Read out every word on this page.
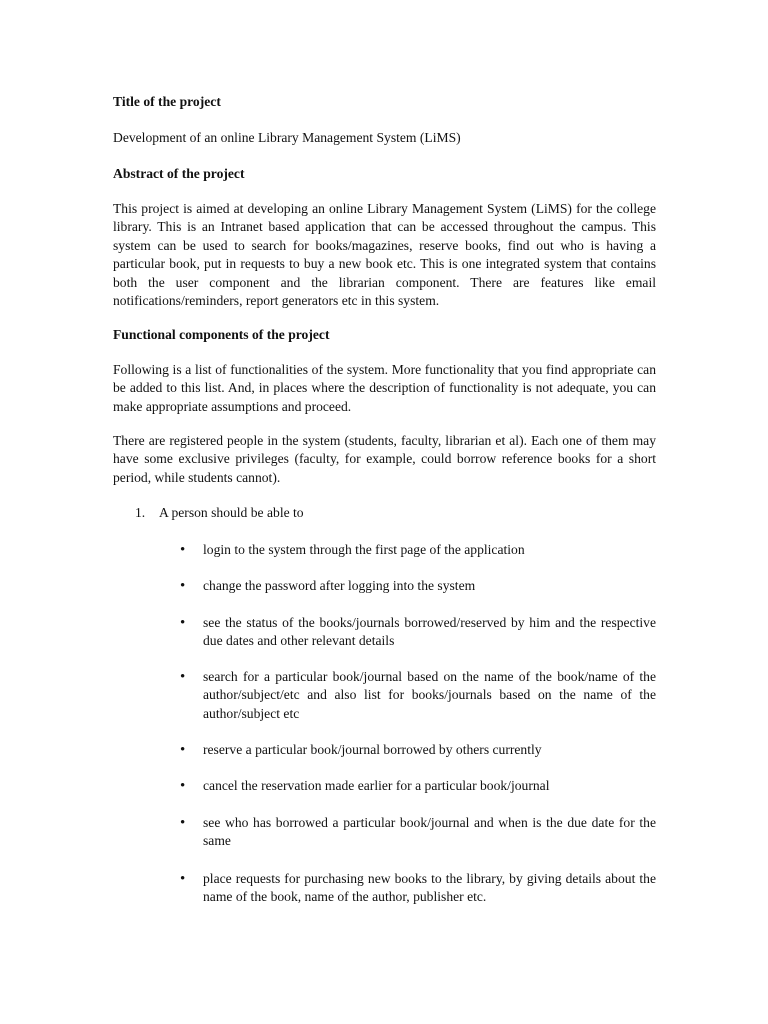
Title of the project

Development of an online Library Management System (LiMS)

Abstract of the project

This project is aimed at developing an online Library Management System (LiMS) for the college library. This is an Intranet based application that can be accessed throughout the campus. This system can be used to search for books/magazines, reserve books, find out who is having a particular book, put in requests to buy a new book etc. This is one integrated system that contains both the user component and the librarian component. There are features like email notifications/reminders, report generators etc in this system.

Functional components of the project

Following is a list of functionalities of the system. More functionality that you find appropriate can be added to this list. And, in places where the description of functionality is not adequate, you can make appropriate assumptions and proceed.

There are registered people in the system (students, faculty, librarian et al). Each one of them may have some exclusive privileges (faculty, for example, could borrow reference books for a short period, while students cannot).

1. A person should be able to

• login to the system through the first page of the application
• change the password after logging into the system
• see the status of the books/journals borrowed/reserved by him and the respective due dates and other relevant details
• search for a particular book/journal based on the name of the book/name of the author/subject/etc and also list for books/journals based on the name of the author/subject etc
• reserve a particular book/journal borrowed by others currently
• cancel the reservation made earlier for a particular book/journal
• see who has borrowed a particular book/journal and when is the due date for the same
• place requests for purchasing new books to the library, by giving details about the name of the book, name of the author, publisher etc.
